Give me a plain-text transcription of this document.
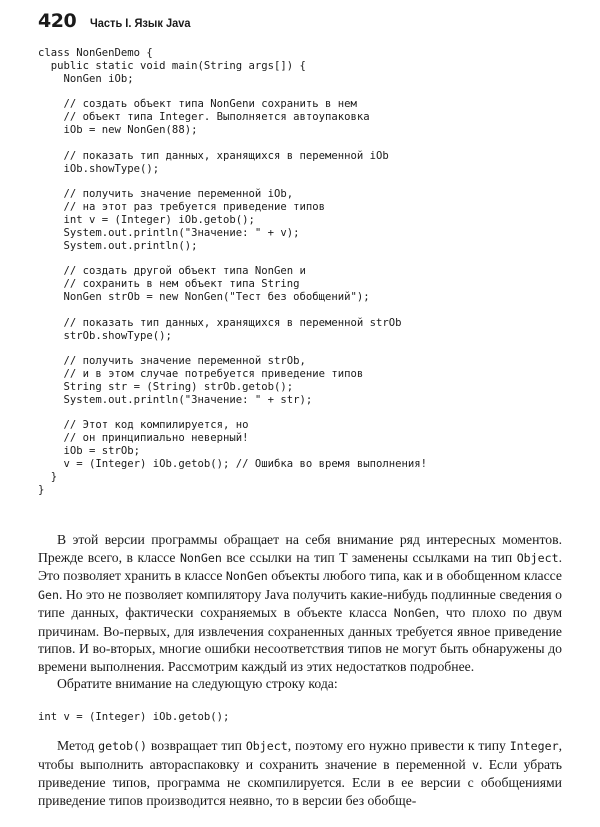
420 Часть I. Язык Java
class NonGenDemo {
public static void main(String args[]) {
NonGen iOb;

// создать объект типа NonGenи сохранить в нем
// объект типа Integer. Выполняется автоупаковка
iOb = new NonGen(88);

// показать тип данных, хранящихся в переменной iOb
iOb.showType();

// получить значение переменной iOb,
// на этот раз требуется приведение типов
int v = (Integer) iOb.getob();
System.out.println("Значение: " + v);
System.out.println();

// создать другой объект типа NonGen и
// сохранить в нем объект типа String
NonGen strOb = new NonGen("Тест без обобщений");

// показать тип данных, хранящихся в переменной strOb
strOb.showType();

// получить значение переменной strOb,
// и в этом случае потребуется приведение типов
String str = (String) strOb.getob();
System.out.println("Значение: " + str);

// Этот код компилируется, но
// он принципиально неверный!
iOb = strOb;
v = (Integer) iOb.getob(); // Ошибка во время выполнения!
}
}

В этой версии программы обращает на себя внимание ряд интересных моментов. Прежде всего, в классе NonGen все ссылки на тип T заменены ссылками на тип Object. Это позволяет хранить в классе NonGen объекты любого типа, как и в обобщенном классе Gen. Но это не позволяет компилятору Java получить какие-нибудь подлинные сведения о типе данных, фактически сохраняемых в объекте класса NonGen, что плохо по двум причинам. Во-первых, для извлечения сохраненных данных требуется явное приведение типов. И во-вторых, многие ошибки несоответствия типов не могут быть обнаружены до времени выполнения. Рассмотрим каждый из этих недостатков подробнее.

Обратите внимание на следующую строку кода:

int v = (Integer) iOb.getob();

Метод getob() возвращает тип Object, поэтому его нужно привести к типу Integer, чтобы выполнить автораспаковку и сохранить значение в переменной v. Если убрать приведение типов, программа не скомпилируется. Если в ее версии с обобщениями приведение типов производится неявно, то в версии без обобще-
